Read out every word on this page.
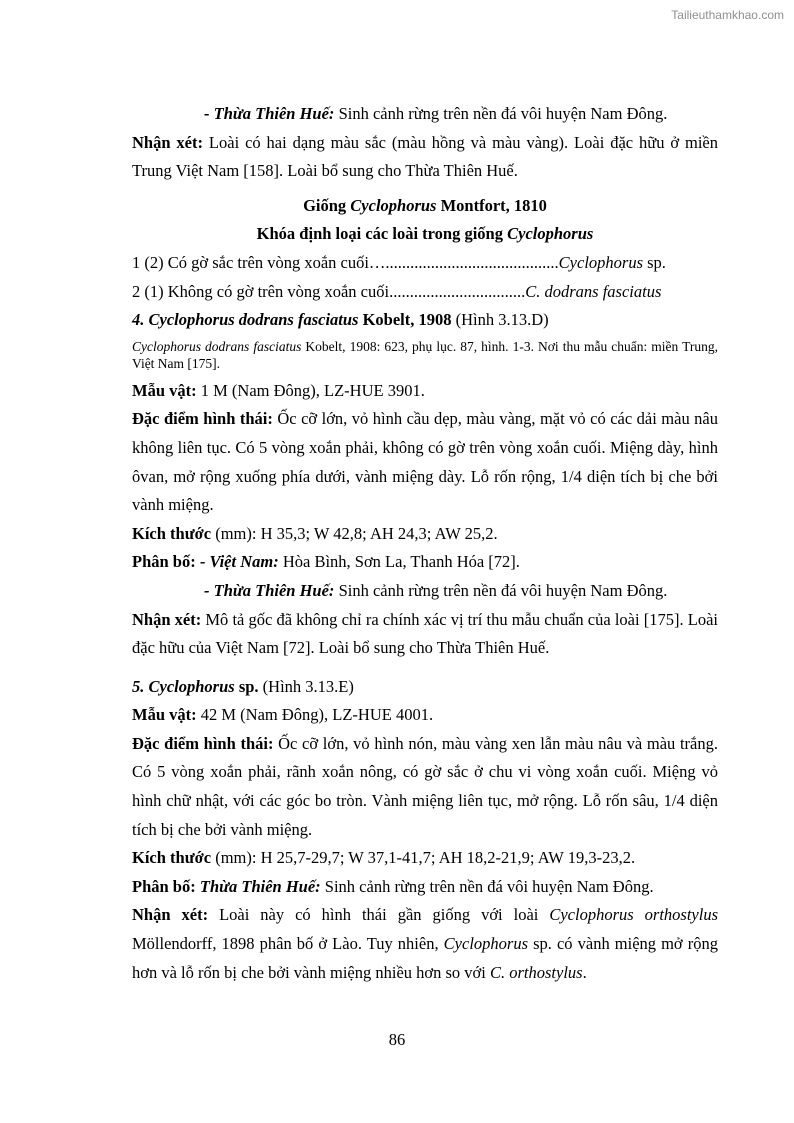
Tailieuthamkhao.com

- Thừa Thiên Huế: Sinh cảnh rừng trên nền đá vôi huyện Nam Đông.

Nhận xét: Loài có hai dạng màu sắc (màu hồng và màu vàng). Loài đặc hữu ở miền Trung Việt Nam [158]. Loài bổ sung cho Thừa Thiên Huế.

Giống Cyclophorus Montfort, 1810

Khóa định loại các loài trong giống Cyclophorus

1 (2) Có gờ sắc trên vòng xoắn cuối…..........................................Cyclophorus sp.

2 (1) Không có gờ trên vòng xoắn cuối.................................C. dodrans fasciatus

4. Cyclophorus dodrans fasciatus Kobelt, 1908 (Hình 3.13.D)

Cyclophorus dodrans fasciatus Kobelt, 1908: 623, phụ lục. 87, hình. 1-3. Nơi thu mẫu chuẩn: miền Trung, Việt Nam [175].

Mẫu vật: 1 M (Nam Đông), LZ-HUE 3901.

Đặc điểm hình thái: Ốc cỡ lớn, vỏ hình cầu dẹp, màu vàng, mặt vỏ có các dải màu nâu không liên tục. Có 5 vòng xoắn phải, không có gờ trên vòng xoắn cuối. Miệng dày, hình ôvan, mở rộng xuống phía dưới, vành miệng dày. Lỗ rốn rộng, 1/4 diện tích bị che bởi vành miệng.

Kích thước (mm): H 35,3; W 42,8; AH 24,3; AW 25,2.

Phân bố: - Việt Nam: Hòa Bình, Sơn La, Thanh Hóa [72].

- Thừa Thiên Huế: Sinh cảnh rừng trên nền đá vôi huyện Nam Đông.

Nhận xét: Mô tả gốc đã không chỉ ra chính xác vị trí thu mẫu chuẩn của loài [175]. Loài đặc hữu của Việt Nam [72]. Loài bổ sung cho Thừa Thiên Huế.

5. Cyclophorus sp. (Hình 3.13.E)

Mẫu vật: 42 M (Nam Đông), LZ-HUE 4001.

Đặc điểm hình thái: Ốc cỡ lớn, vỏ hình nón, màu vàng xen lẫn màu nâu và màu trắng. Có 5 vòng xoắn phải, rãnh xoắn nông, có gờ sắc ở chu vi vòng xoắn cuối. Miệng vỏ hình chữ nhật, với các góc bo tròn. Vành miệng liên tục, mở rộng. Lỗ rốn sâu, 1/4 diện tích bị che bởi vành miệng.

Kích thước (mm): H 25,7-29,7; W 37,1-41,7; AH 18,2-21,9; AW 19,3-23,2.

Phân bố: Thừa Thiên Huế: Sinh cảnh rừng trên nền đá vôi huyện Nam Đông.

Nhận xét: Loài này có hình thái gần giống với loài Cyclophorus orthostylus Möllendorff, 1898 phân bố ở Lào. Tuy nhiên, Cyclophorus sp. có vành miệng mở rộng hơn và lỗ rốn bị che bởi vành miệng nhiều hơn so với C. orthostylus.

86
